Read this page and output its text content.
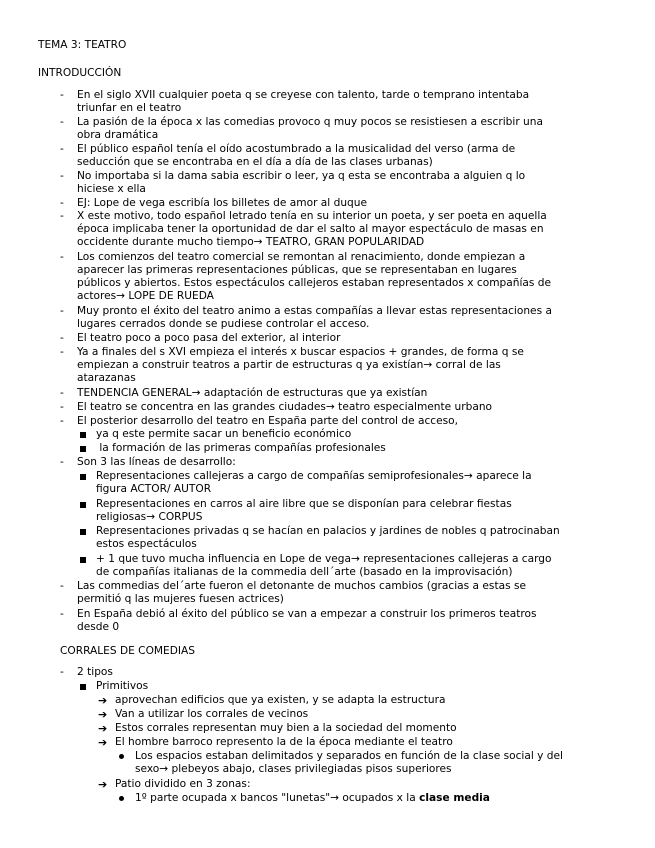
TEMA 3: TEATRO
INTRODUCCIÓN
- En el siglo XVII cualquier poeta q se creyese con talento, tarde o temprano intentaba
triunfar en el teatro
- La pasión de la época x las comedias provoco q muy pocos se resistiesen a escribir una
obra dramática
- El público español tenía el oído acostumbrado a la musicalidad del verso (arma de
seducción que se encontraba en el día a día de las clases urbanas)
- No importaba si la dama sabia escribir o leer, ya q esta se encontraba a alguien q lo
hiciese x ella
- EJ: Lope de vega escribía los billetes de amor al duque
- X este motivo, todo español letrado tenía en su interior un poeta, y ser poeta en aquella
época implicaba tener la oportunidad de dar el salto al mayor espectáculo de masas en
occidente durante mucho tiempo→ TEATRO, GRAN POPULARIDAD
- Los comienzos del teatro comercial se remontan al renacimiento, donde empiezan a
aparecer las primeras representaciones públicas, que se representaban en lugares
públicos y abiertos. Estos espectáculos callejeros estaban representados x compañías de
actores→ LOPE DE RUEDA
- Muy pronto el éxito del teatro animo a estas compañías a llevar estas representaciones a
lugares cerrados donde se pudiese controlar el acceso.
- El teatro poco a poco pasa del exterior, al interior
- Ya a finales del s XVI empieza el interés x buscar espacios + grandes, de forma q se
empiezan a construir teatros a partir de estructuras q ya existían→ corral de las
atarazanas
- TENDENCIA GENERAL→ adaptación de estructuras que ya existían
- El teatro se concentra en las grandes ciudades→ teatro especialmente urbano
- El posterior desarrollo del teatro en España parte del control de acceso,
ya q este permite sacar un beneficio económico
la formación de las primeras compañías profesionales
- Son 3 las líneas de desarrollo:
Representaciones callejeras a cargo de compañías semiprofesionales→ aparece la
figura ACTOR/ AUTOR
Representaciones en carros al aire libre que se disponían para celebrar fiestas
religiosas→ CORPUS
Representaciones privadas q se hacían en palacios y jardines de nobles q patrocinaban
estos espectáculos
+ 1 que tuvo mucha influencia en Lope de vega→ representaciones callejeras a cargo
de compañías italianas de la commedia dell´arte (basado en la improvisación)
- Las commedias del´arte fueron el detonante de muchos cambios (gracias a estas se
permitió q las mujeres fuesen actrices)
- En España debió al éxito del público se van a empezar a construir los primeros teatros
desde 0
CORRALES DE COMEDIAS
- 2 tipos
Primitivos
➔ aprovechan edificios que ya existen, y se adapta la estructura
➔ Van a utilizar los corrales de vecinos
➔ Estos corrales representan muy bien a la sociedad del momento
➔ El hombre barroco represento la de la época mediante el teatro
Los espacios estaban delimitados y separados en función de la clase social y del
sexo→ plebeyos abajo, clases privilegiadas pisos superiores
➔ Patio dividido en 3 zonas:
1º parte ocupada x bancos "lunetas"→ ocupados x la clase media
